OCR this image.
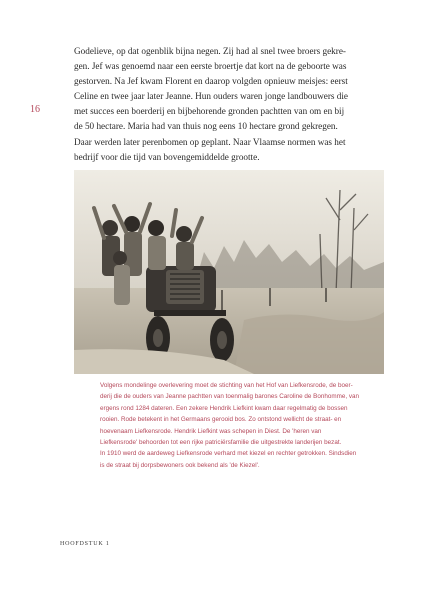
16

Godelieve, op dat ogenblik bijna negen. Zij had al snel twee broers gekre-
gen. Jef was genoemd naar een eerste broertje dat kort na de geboorte was
gestorven. Na Jef kwam Florent en daarop volgden opnieuw meisjes: eerst
Celine en twee jaar later Jeanne. Hun ouders waren jonge landbouwers die
met succes een boerderij en bijbehorende gronden pachtten van om en bij
de 50 hectare. Maria had van thuis nog eens 10 hectare grond gekregen.
Daar werden later perenbomen op geplant. Naar Vlaamse normen was het
bedrijf voor die tijd van bovengemiddelde grootte.

Volgens mondelinge overlevering moet de stichting van het Hof van Liefkensrode, de boer-
derij die de ouders van Jeanne pachtten van toenmalig barones Caroline de Bonhomme, van
ergens rond 1284 dateren. Een zekere Hendrik Liefkint kwam daar regelmatig de bossen
rooien. Rode betekent in het Germaans gerooid bos. Zo ontstond wellicht de straat- en
hoevenaam Liefkensrode. Hendrik Liefkint was schepen in Diest. De 'heren van
Liefkensrode' behoorden tot een rijke patriciërsfamilie die uitgestrekte landerijen bezat.
In 1910 werd de aardeweg Liefkensrode verhard met kiezel en rechter getrokken. Sindsdien
is de straat bij dorpsbewoners ook bekend als 'de Kiezel'.

HOOFDSTUK 1
